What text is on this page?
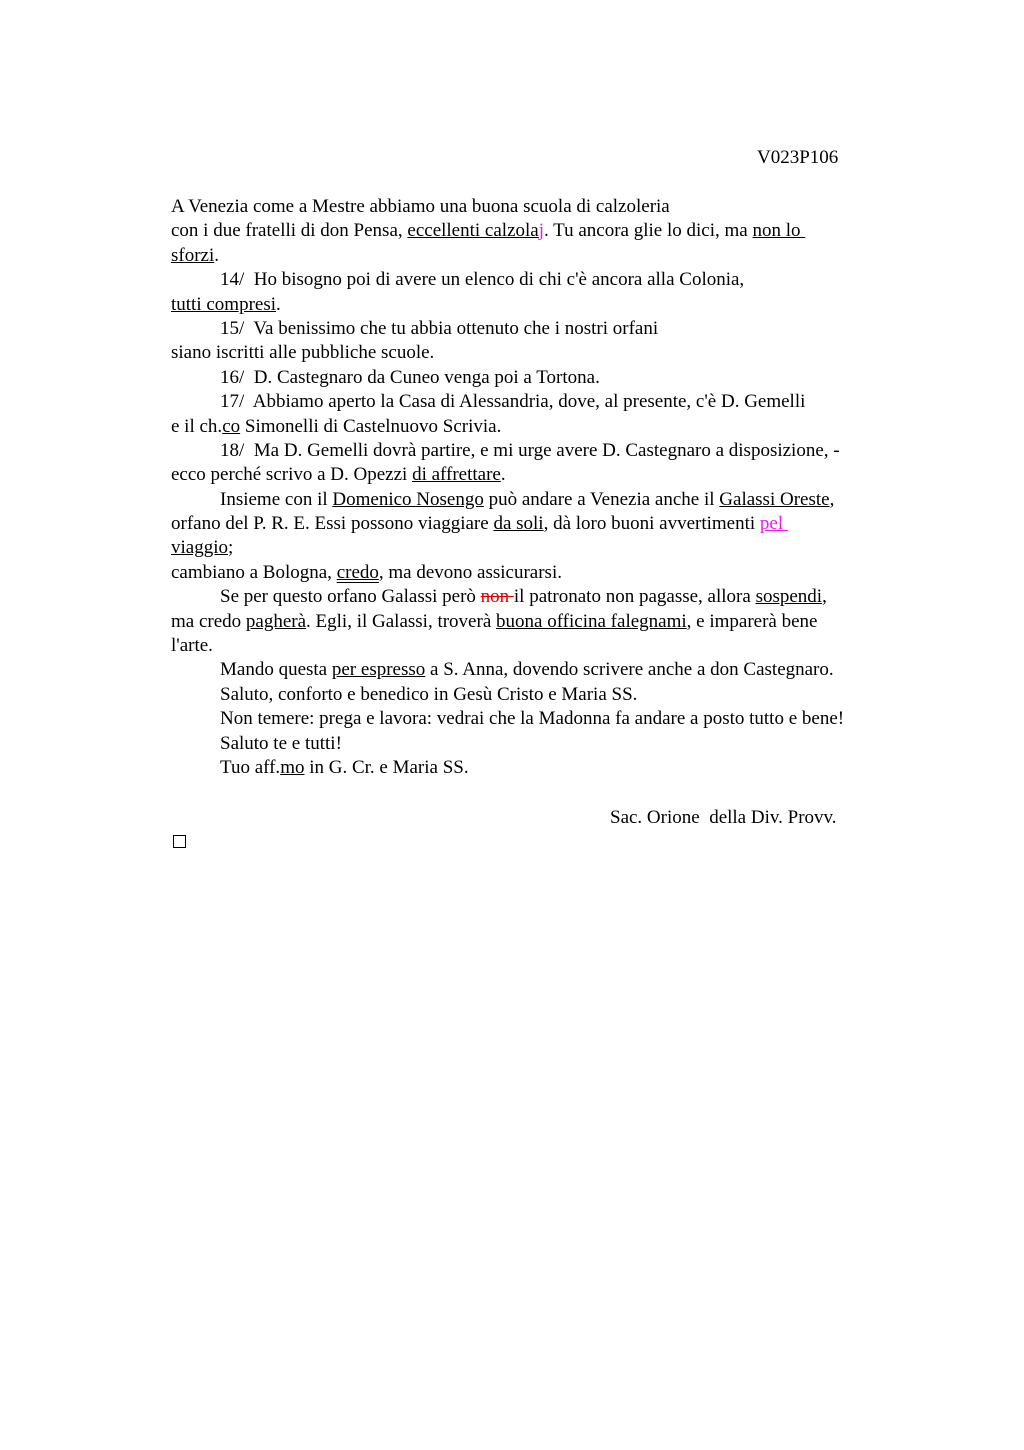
V023P106
A Venezia come a Mestre abbiamo una buona scuola di calzoleria
con i due fratelli di don Pensa, eccellenti calzolaj. Tu ancora glie lo dici, ma non lo
sforzi.
14/  Ho bisogno poi di avere un elenco di chi c'è ancora alla Colonia,
tutti compresi.
15/  Va benissimo che tu abbia ottenuto che i nostri orfani
siano iscritti alle pubbliche scuole.
16/  D. Castegnaro da Cuneo venga poi a Tortona.
17/  Abbiamo aperto la Casa di Alessandria, dove, al presente, c'è D. Gemelli
e il ch.co Simonelli di Castelnuovo Scrivia.
18/  Ma D. Gemelli dovrà partire, e mi urge avere D. Castegnaro a disposizione, -
ecco perché scrivo a D. Opezzi di affrettare.
Insieme con il Domenico Nosengo può andare a Venezia anche il Galassi Oreste,
orfano del P. R. E. Essi possono viaggiare da soli, dà loro buoni avvertimenti pel
viaggio;
cambiano a Bologna, credo, ma devono assicurarsi.
Se per questo orfano Galassi però non il patronato non pagasse, allora sospendi,
ma credo pagherà. Egli, il Galassi, troverà buona officina falegnami, e imparerà bene
l'arte.
Mando questa per espresso a S. Anna, dovendo scrivere anche a don Castegnaro.
Saluto, conforto e benedico in Gesù Cristo e Maria SS.
Non temere: prega e lavora: vedrai che la Madonna fa andare a posto tutto e bene!
Saluto te e tutti!
Tuo aff.mo in G. Cr. e Maria SS.
Sac. Orione  della Div. Provv.
